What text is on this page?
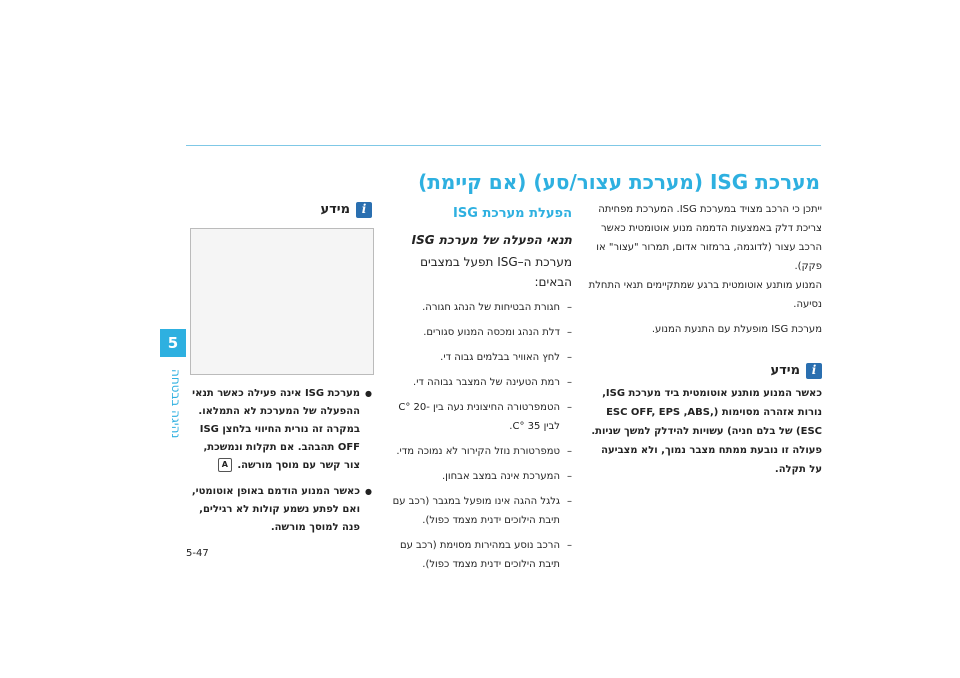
5
נהיגה בבטחה
מערכת ISG (מערכת עצור/סע) (אם קיימת)

ייתכן כי הרכב מצויד במערכת ISG. המערכת מפחיתה צריכת דלק באמצעות הדממה מנוע אוטומטית כאשר הרכב עצור (לדוגמה, ברמזור אדום, תמרור "עצור" או פקק).

המנוע מותנע אוטומטית ברגע שמתקיימים תנאי התחלת נסיעה.

מערכת ISG מופעלת עם התנעת המנוע.

i
מידע

כאשר המנוע מותנע אוטומטית ביד מערכת ISG, נורות אזהרה מסוימות (ESC OFF, EPS ,ABS, ESC) של בלם חניה) עשויות להידלק למשך שניות.

פעולה זו נובעת ממתח מצבר נמוך, ולא מצביעה על תקלה.

הפעלת מערכת ISG
תנאי הפעלה של מערכת ISG
מערכת ה–ISG תפעל במצבים הבאים:
– חגורת הבטיחות של הנהג חגורה.
– דלת הנהג ומכסה המנוע סגורים.
– לחץ האוויר בבלמים גבוה די.
– רמת הטעינה של המצבר גבוהה די.
– הטמפרטורה החיצונית נעה בין -20 °C לבין 35 °C.
– טמפרטורת נוזל הקירור לא נמוכה מדי.
– המערכת אינה במצב אבחון.
– גלגל ההגה אינו מופעל במגבר (רכב עם תיבת הילוכים ידנית מצמד כפול).
– הרכב נוסע במהירות מסוימת (רכב עם תיבת הילוכים ידנית מצמד כפול).
i
מידע
● מערכת ISG אינה פעילה כאשר תנאי ההפעלה של המערכת לא התמלאו. במקרה זה נורית החיווי בלחצן ISG OFF תהבהב. אם תקלות ונמשכת, צור קשר עם מוסך מורשה. A
● כאשר המנוע הודמם באופן אוטומטי, ואם לפתע נשמע קולות לא רגילים, פנה למוסך מורשה.
5-47
